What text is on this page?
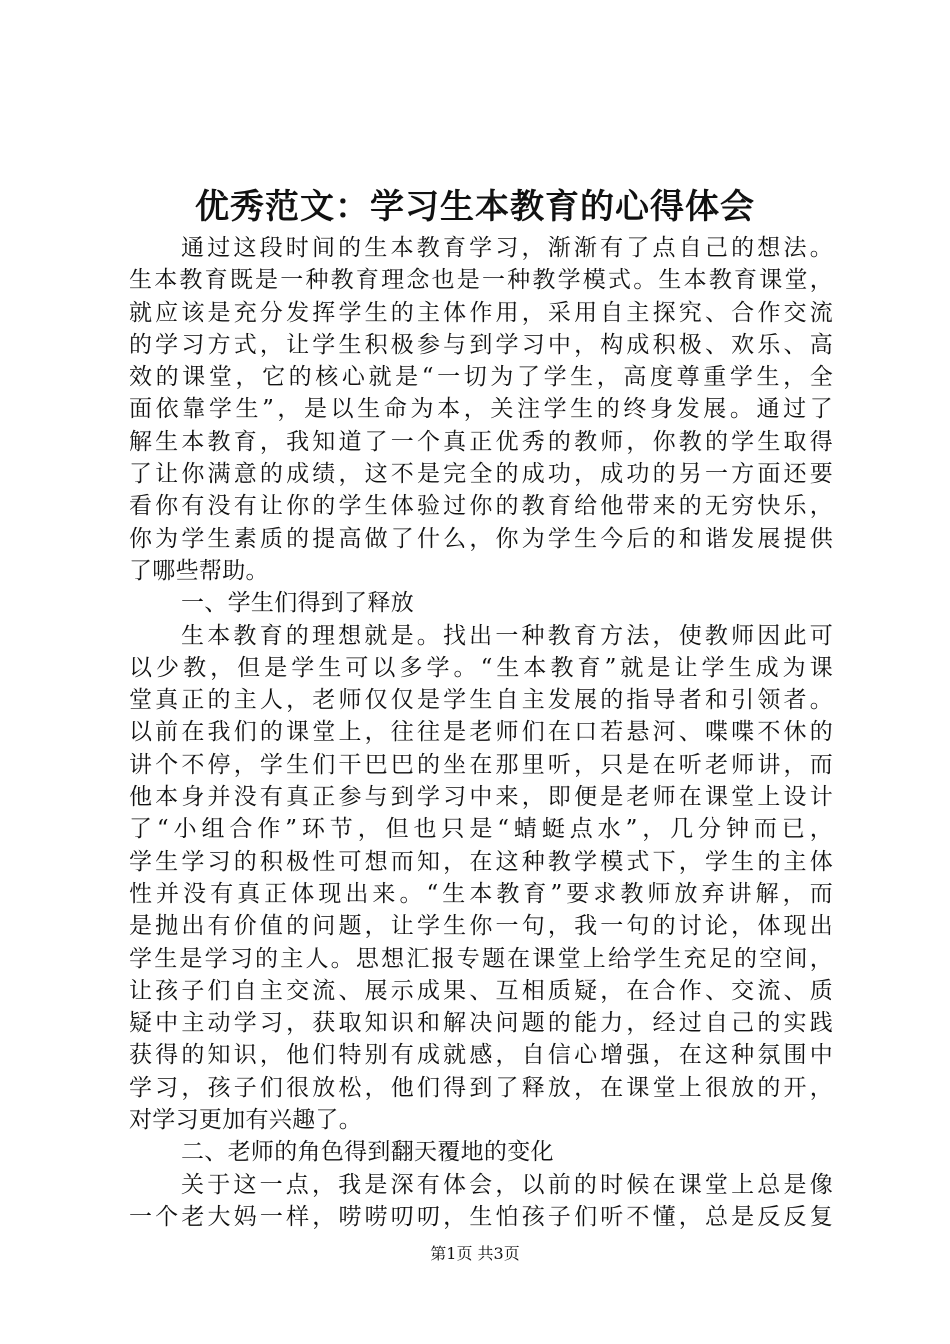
优秀范文：学习生本教育的心得体会
通过这段时间的生本教育学习，渐渐有了点自己的想法。
生本教育既是一种教育理念也是一种教学模式。生本教育课堂，
就应该是充分发挥学生的主体作用，采用自主探究、合作交流
的学习方式，让学生积极参与到学习中，构成积极、欢乐、高
效的课堂，它的核心就是“一切为了学生，高度尊重学生，全
面依靠学生”，是以生命为本，关注学生的终身发展。通过了
解生本教育，我知道了一个真正优秀的教师，你教的学生取得
了让你满意的成绩，这不是完全的成功，成功的另一方面还要
看你有没有让你的学生体验过你的教育给他带来的无穷快乐，
你为学生素质的提高做了什么，你为学生今后的和谐发展提供
了哪些帮助。
一、学生们得到了释放
生本教育的理想就是。找出一种教育方法，使教师因此可
以少教，但是学生可以多学。“生本教育”就是让学生成为课
堂真正的主人，老师仅仅是学生自主发展的指导者和引领者。
以前在我们的课堂上，往往是老师们在口若悬河、喋喋不休的
讲个不停，学生们干巴巴的坐在那里听，只是在听老师讲，而
他本身并没有真正参与到学习中来，即便是老师在课堂上设计
了“小组合作”环节，但也只是“蜻蜓点水”，几分钟而已，
学生学习的积极性可想而知，在这种教学模式下，学生的主体
性并没有真正体现出来。“生本教育”要求教师放弃讲解，而
是抛出有价值的问题，让学生你一句，我一句的讨论，体现出
学生是学习的主人。思想汇报专题在课堂上给学生充足的空间，
让孩子们自主交流、展示成果、互相质疑，在合作、交流、质
疑中主动学习，获取知识和解决问题的能力，经过自己的实践
获得的知识，他们特别有成就感，自信心增强，在这种氛围中
学习，孩子们很放松，他们得到了释放，在课堂上很放的开，
对学习更加有兴趣了。
二、老师的角色得到翻天覆地的变化
关于这一点，我是深有体会，以前的时候在课堂上总是像
一个老大妈一样，唠唠叨叨，生怕孩子们听不懂，总是反反复
第1页 共3页
